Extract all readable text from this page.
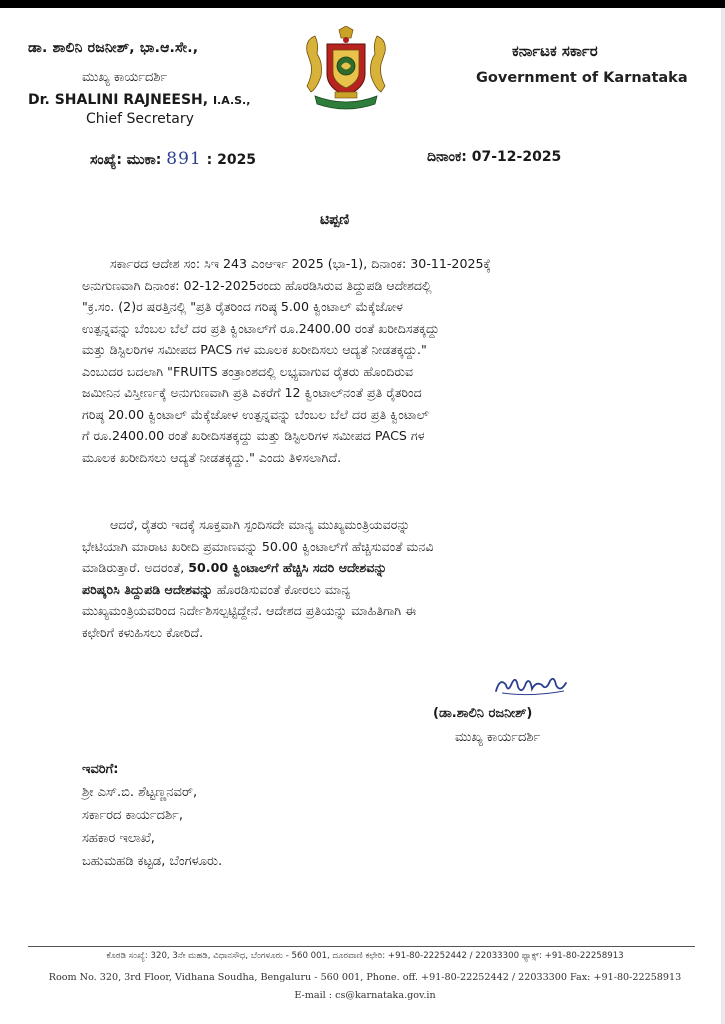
ಡಾ. ಶಾಲಿನಿ ರಜನೀಶ್, ಭಾ.ಆ.ಸೇ.,
ಮುಖ್ಯ ಕಾರ್ಯದರ್ಶಿ
Dr. SHALINI RAJNEESH, I.A.S.,
Chief Secretary
ಕರ್ನಾಟಕ ಸರ್ಕಾರ
Government of Karnataka
ಸಂಖ್ಯೆ: ಮುಕಾ: 891 : 2025	ದಿನಾಂಕ: 07-12-2025
ಟಿಪ್ಪಣಿ
ಸರ್ಕಾರದ ಆದೇಶ ಸಂ: ಸಿಇ 243 ಎಂಆರ್ಇ 2025 (ಭಾ-1), ದಿನಾಂಕ: 30-11-2025ಕ್ಕೆ
ಅನುಗುಣವಾಗಿ ದಿನಾಂಕ: 02-12-2025ರಂದು ಹೊರಡಿಸಿರುವ ತಿದ್ದುಪಡಿ ಆದೇಶದಲ್ಲಿ
"ಕ್ರ.ಸಂ. (2)ರ ಷರತ್ತಿನಲ್ಲಿ "ಪ್ರತಿ ರೈತರಿಂದ ಗರಿಷ್ಠ 5.00 ಕ್ವಿಂಟಾಲ್ ಮೆಕ್ಕೆಜೋಳ
ಉತ್ಪನ್ನವನ್ನು ಬೆಂಬಲ ಬೆಲೆ ದರ ಪ್ರತಿ ಕ್ವಿಂಟಾಲ್‌ಗೆ ರೂ.2400.00 ರಂತೆ ಖರೀದಿಸತಕ್ಕದ್ದು
ಮತ್ತು ಡಿಸ್ಟಿಲರಿಗಳ ಸಮೀಪದ PACS ಗಳ ಮೂಲಕ ಖರೀದಿಸಲು ಆದ್ಯತೆ ನೀಡತಕ್ಕದ್ದು."
ಎಂಬುದರ ಬದಲಾಗಿ "FRUITS ತಂತ್ರಾಂಶದಲ್ಲಿ ಲಭ್ಯವಾಗುವ ರೈತರು ಹೊಂದಿರುವ
ಜಮೀನಿನ ವಿಸ್ತೀರ್ಣಕ್ಕೆ ಅನುಗುಣವಾಗಿ ಪ್ರತಿ ಎಕರೆಗೆ 12 ಕ್ವಿಂಟಾಲ್‌ನಂತೆ ಪ್ರತಿ ರೈತರಿಂದ
ಗರಿಷ್ಠ 20.00 ಕ್ವಿಂಟಾಲ್ ಮೆಕ್ಕೆಜೋಳ ಉತ್ಪನ್ನವನ್ನು ಬೆಂಬಲ ಬೆಲೆ ದರ ಪ್ರತಿ ಕ್ವಿಂಟಾಲ್
ಗೆ ರೂ.2400.00 ರಂತೆ ಖರೀದಿಸತಕ್ಕದ್ದು ಮತ್ತು ಡಿಸ್ಟಿಲರಿಗಳ ಸಮೀಪದ PACS ಗಳ
ಮೂಲಕ ಖರೀದಿಸಲು ಆದ್ಯತೆ ನೀಡತಕ್ಕದ್ದು." ಎಂದು ತಿಳಿಸಲಾಗಿದೆ.
ಆದರೆ, ರೈತರು ಇದಕ್ಕೆ ಸೂಕ್ತವಾಗಿ ಸ್ಪಂದಿಸದೇ ಮಾನ್ಯ ಮುಖ್ಯಮಂತ್ರಿಯವರನ್ನು
ಭೇಟಿಯಾಗಿ ಮಾರಾಟ ಖರೀದಿ ಪ್ರಮಾಣವನ್ನು 50.00 ಕ್ವಿಂಟಾಲ್‌ಗೆ ಹೆಚ್ಚಿಸುವಂತೆ ಮನವಿ
ಮಾಡಿರುತ್ತಾರೆ. ಅದರಂತೆ, 50.00 ಕ್ವಿಂಟಾಲ್‌ಗೆ ಹೆಚ್ಚಿಸಿ ಸದರಿ ಆದೇಶವನ್ನು
ಪರಿಷ್ಕರಿಸಿ ತಿದ್ದುಪಡಿ ಆದೇಶವನ್ನು ಹೊರಡಿಸುವಂತೆ ಕೋರಲು ಮಾನ್ಯ
ಮುಖ್ಯಮಂತ್ರಿಯವರಿಂದ ನಿರ್ದೇಶಿಸಲ್ಪಟ್ಟಿದ್ದೇನೆ. ಆದೇಶದ ಪ್ರತಿಯನ್ನು ಮಾಹಿತಿಗಾಗಿ ಈ
ಕಛೇರಿಗೆ ಕಳುಹಿಸಲು ಕೋರಿದೆ.
(ಡಾ.ಶಾಲಿನಿ ರಜನೀಶ್)
ಮುಖ್ಯ ಕಾರ್ಯದರ್ಶಿ
ಇವರಿಗೆ:
ಶ್ರೀ ಎಸ್.ಬಿ. ಶೆಟ್ಟಣ್ಣನವರ್,
ಸರ್ಕಾರದ ಕಾರ್ಯದರ್ಶಿ,
ಸಹಕಾರ ಇಲಾಖೆ,
ಬಹುಮಹಡಿ ಕಟ್ಟಡ, ಬೆಂಗಳೂರು.
ಕೊಠಡಿ ಸಂಖ್ಯೆ: 320, 3ನೇ ಮಹಡಿ, ವಿಧಾನಸೌಧ, ಬೆಂಗಳೂರು - 560 001, ದೂರವಾಣಿ ಕಛೇರಿ: +91-80-22252442 / 22033300 ಫ್ಯಾಕ್ಸ್: +91-80-22258913
Room No. 320, 3rd Floor, Vidhana Soudha, Bengaluru - 560 001, Phone. off. +91-80-22252442 / 22033300 Fax: +91-80-22258913
E-mail : cs@karnataka.gov.in
